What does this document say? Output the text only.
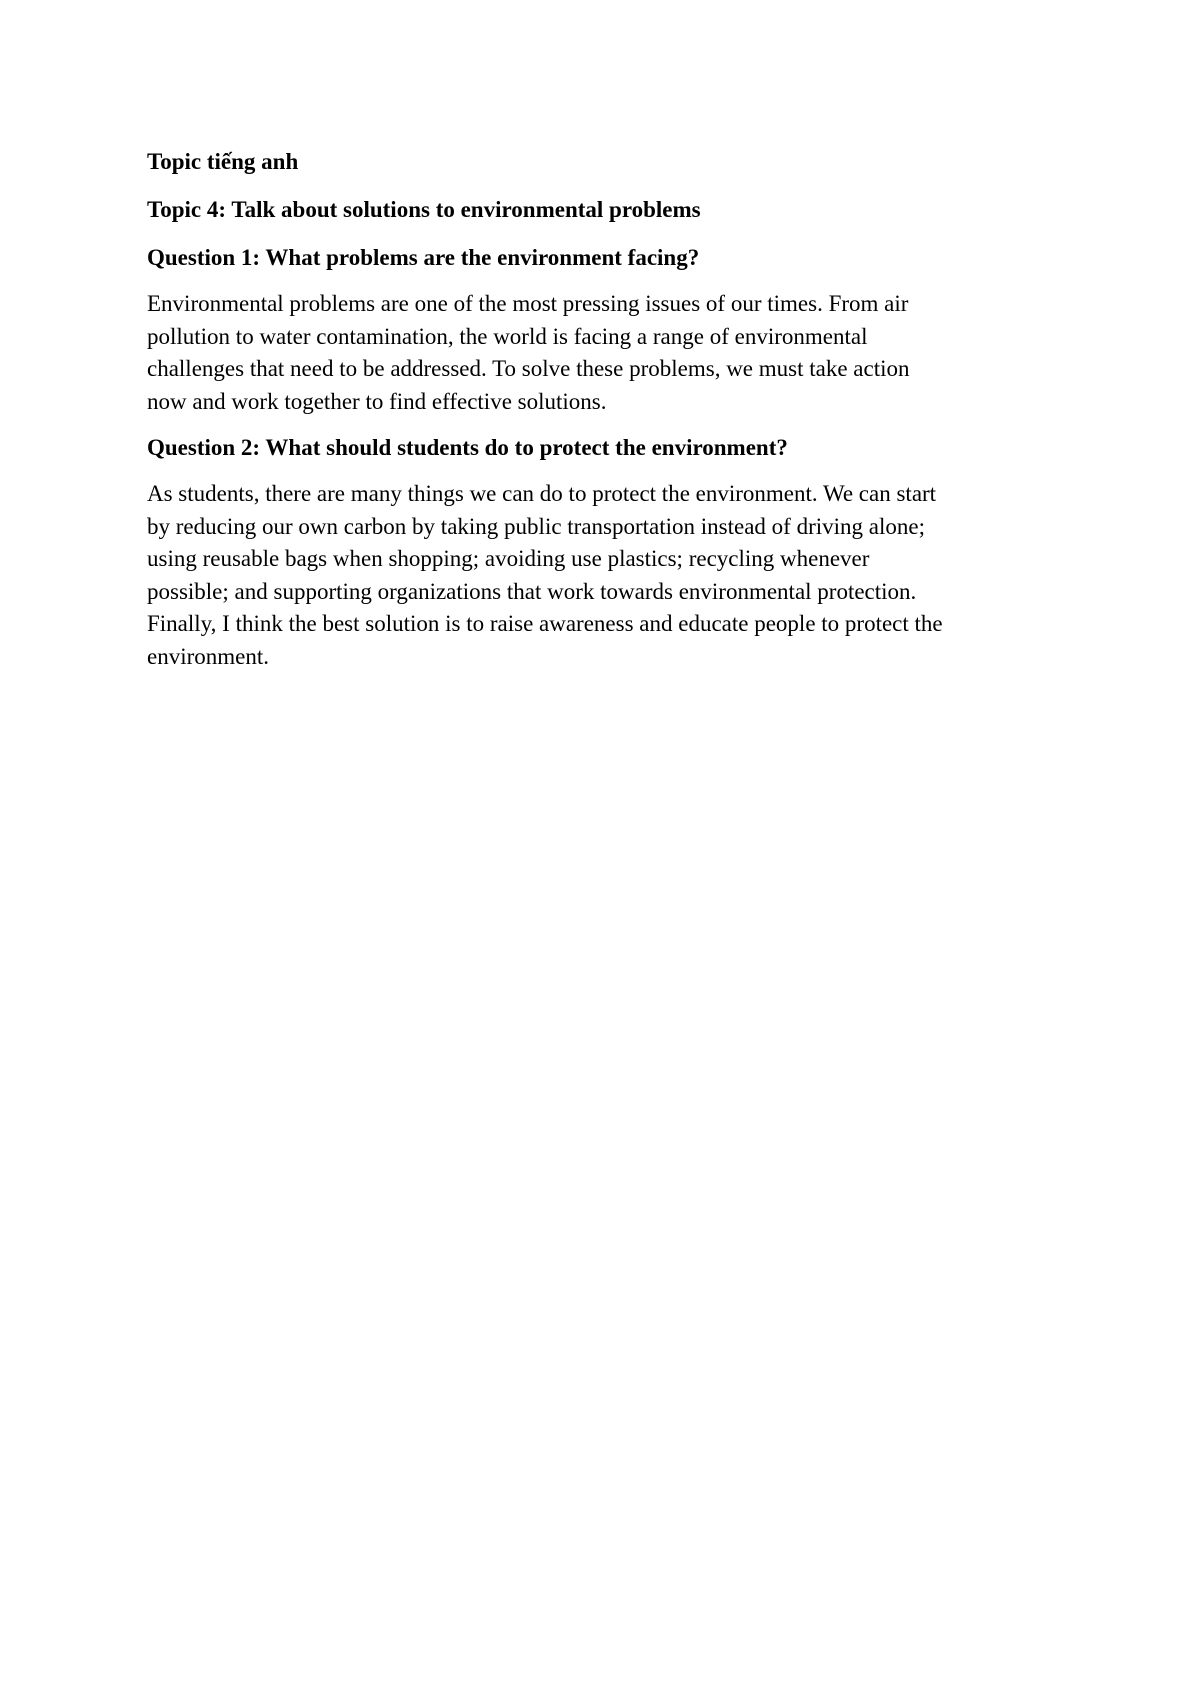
Topic tiếng anh

Topic 4: Talk about solutions to environmental problems

Question 1: What problems are the environment facing?

Environmental problems are one of the most pressing issues of our times. From air
pollution to water contamination, the world is facing a range of environmental
challenges that need to be addressed. To solve these problems, we must take action
now and work together to find effective solutions.

Question 2: What should students do to protect the environment?

As students, there are many things we can do to protect the environment. We can start
by reducing our own carbon by taking public transportation instead of driving alone;
using reusable bags when shopping; avoiding use plastics; recycling whenever
possible; and supporting organizations that work towards environmental protection.
Finally, I think the best solution is to raise awareness and educate people to protect the
environment.
